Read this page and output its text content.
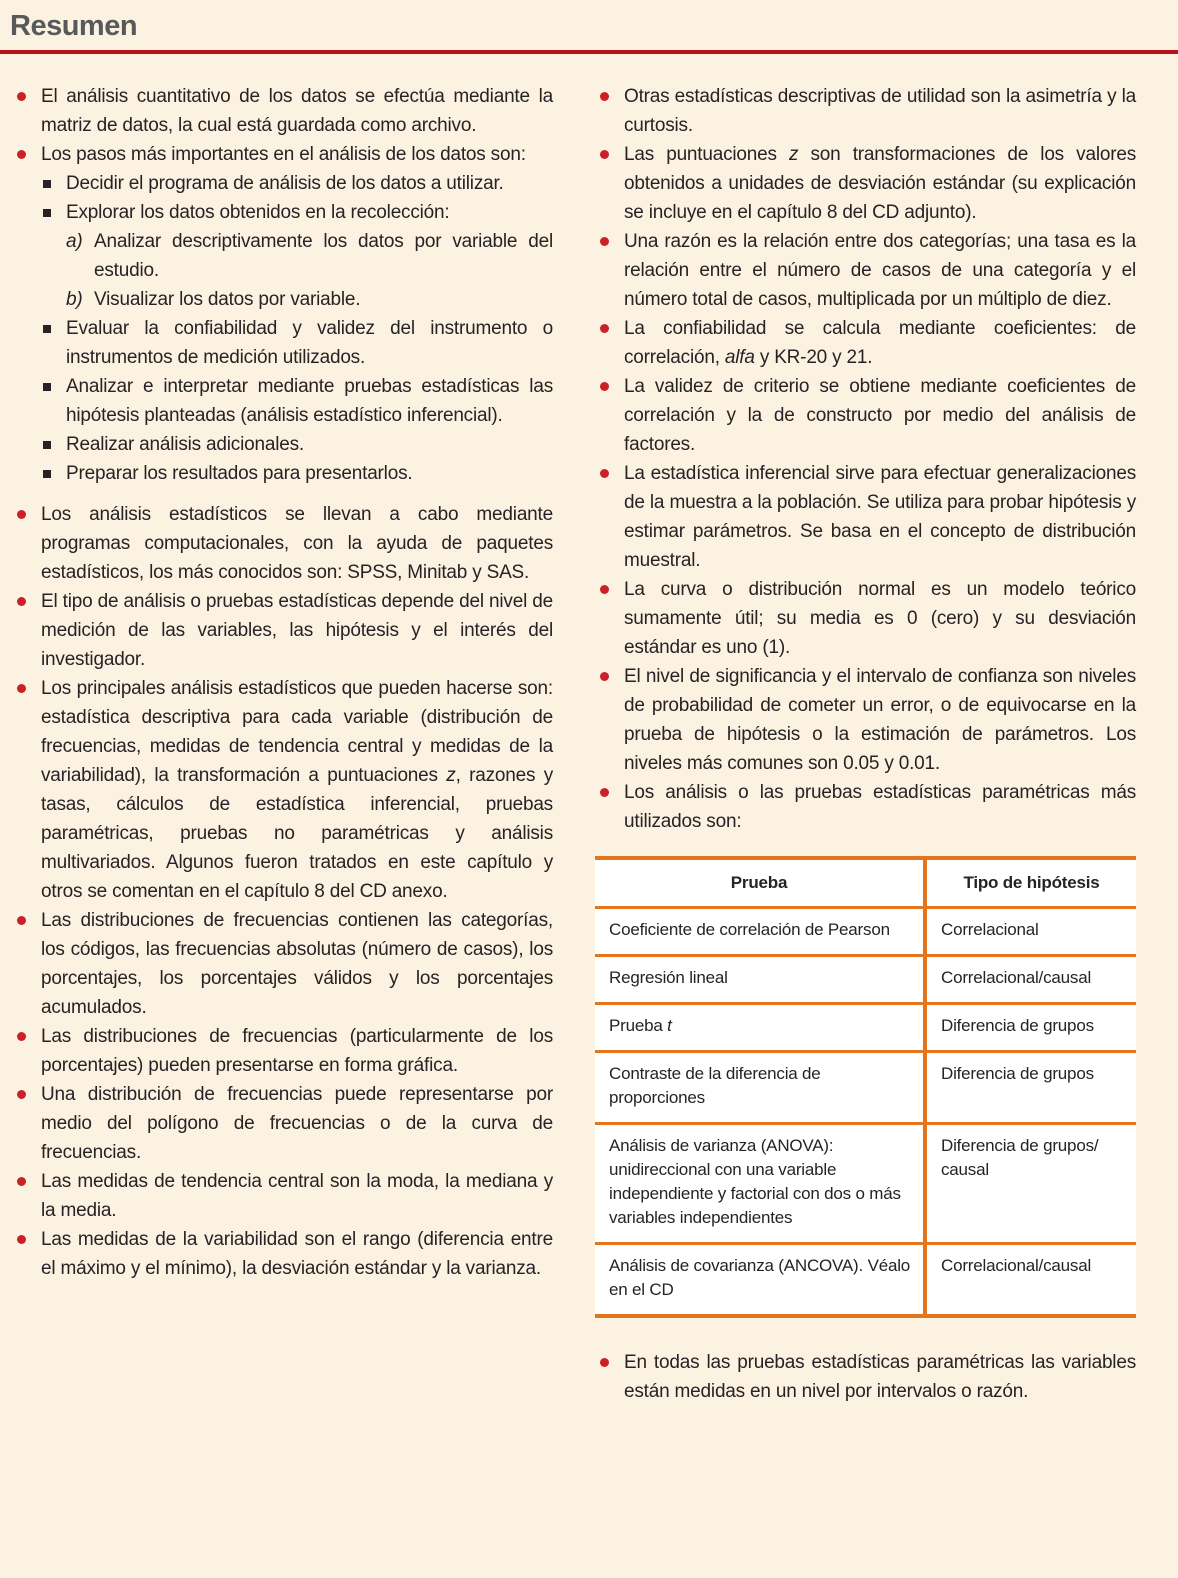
Resumen

El análisis cuantitativo de los datos se efectúa mediante la matriz de datos, la cual está guardada como archivo.

Los pasos más importantes en el análisis de los datos son:

Decidir el programa de análisis de los datos a utilizar.

Explorar los datos obtenidos en la recolección:

a) Analizar descriptivamente los datos por variable del estudio.

b) Visualizar los datos por variable.

Evaluar la confiabilidad y validez del instrumento o instrumentos de medición utilizados.

Analizar e interpretar mediante pruebas estadísticas las hipótesis planteadas (análisis estadístico inferencial).

Realizar análisis adicionales.

Preparar los resultados para presentarlos.

Los análisis estadísticos se llevan a cabo mediante programas computacionales, con la ayuda de paquetes estadísticos, los más conocidos son: SPSS, Minitab y SAS.

El tipo de análisis o pruebas estadísticas depende del nivel de medición de las variables, las hipótesis y el interés del investigador.

Los principales análisis estadísticos que pueden hacerse son: estadística descriptiva para cada variable (distribución de frecuencias, medidas de tendencia central y medidas de la variabilidad), la transformación a puntuaciones z, razones y tasas, cálculos de estadística inferencial, pruebas paramétricas, pruebas no paramétricas y análisis multivariados. Algunos fueron tratados en este capítulo y otros se comentan en el capítulo 8 del CD anexo.

Las distribuciones de frecuencias contienen las categorías, los códigos, las frecuencias absolutas (número de casos), los porcentajes, los porcentajes válidos y los porcentajes acumulados.

Las distribuciones de frecuencias (particularmente de los porcentajes) pueden presentarse en forma gráfica.

Una distribución de frecuencias puede representarse por medio del polígono de frecuencias o de la curva de frecuencias.

Las medidas de tendencia central son la moda, la mediana y la media.

Las medidas de la variabilidad son el rango (diferencia entre el máximo y el mínimo), la desviación estándar y la varianza.

Otras estadísticas descriptivas de utilidad son la asimetría y la curtosis.

Las puntuaciones z son transformaciones de los valores obtenidos a unidades de desviación estándar (su explicación se incluye en el capítulo 8 del CD adjunto).

Una razón es la relación entre dos categorías; una tasa es la relación entre el número de casos de una categoría y el número total de casos, multiplicada por un múltiplo de diez.

La confiabilidad se calcula mediante coeficientes: de correlación, alfa y KR-20 y 21.

La validez de criterio se obtiene mediante coeficientes de correlación y la de constructo por medio del análisis de factores.

La estadística inferencial sirve para efectuar generalizaciones de la muestra a la población. Se utiliza para probar hipótesis y estimar parámetros. Se basa en el concepto de distribución muestral.

La curva o distribución normal es un modelo teórico sumamente útil; su media es 0 (cero) y su desviación estándar es uno (1).

El nivel de significancia y el intervalo de confianza son niveles de probabilidad de cometer un error, o de equivocarse en la prueba de hipótesis o la estimación de parámetros. Los niveles más comunes son 0.05 y 0.01.

Los análisis o las pruebas estadísticas paramétricas más utilizados son:

Prueba	Tipo de hipótesis
Coeficiente de correlación de Pearson	Correlacional
Regresión lineal	Correlacional/causal
Prueba t	Diferencia de grupos
Contraste de la diferencia de proporciones	Diferencia de grupos
Análisis de varianza (ANOVA): unidireccional con una variable independiente y factorial con dos o más variables independientes	Diferencia de grupos/ causal
Análisis de covarianza (ANCOVA). Véalo en el CD	Correlacional/causal

En todas las pruebas estadísticas paramétricas las variables están medidas en un nivel por intervalos o razón.
